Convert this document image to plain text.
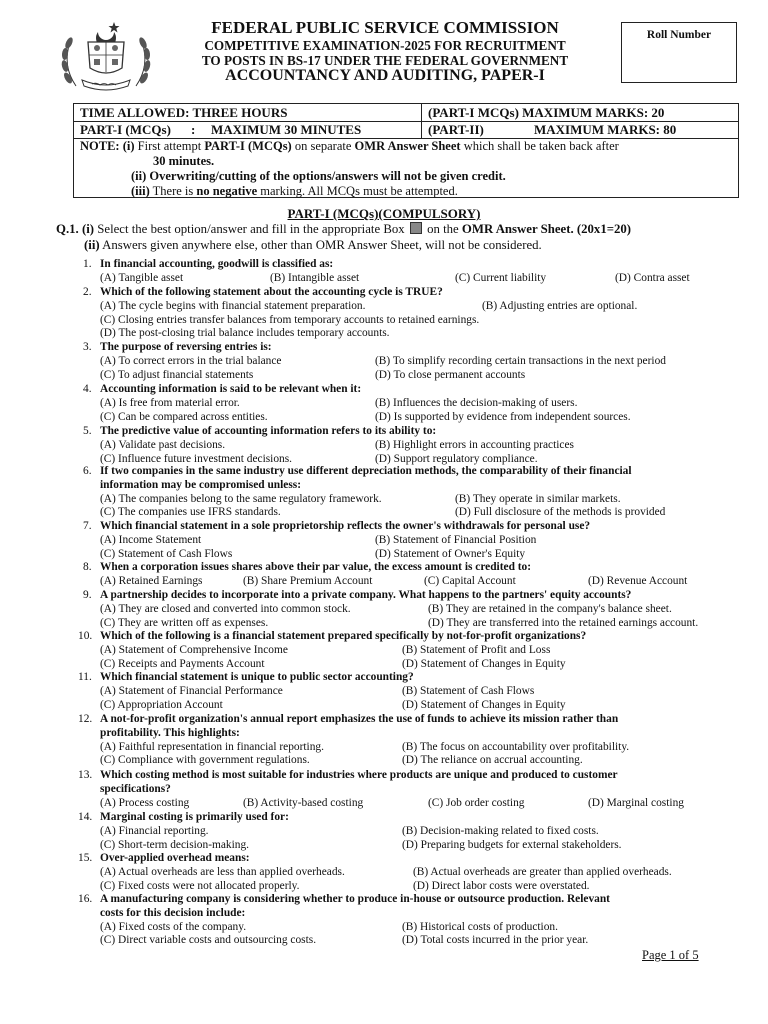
FEDERAL PUBLIC SERVICE COMMISSION
COMPETITIVE EXAMINATION-2025 FOR RECRUITMENT
TO POSTS IN BS-17 UNDER THE FEDERAL GOVERNMENT
ACCOUNTANCY AND AUDITING, PAPER-I
Roll Number
TIME ALLOWED: THREE HOURS	(PART-I MCQs) MAXIMUM MARKS: 20
PART-I (MCQs) : MAXIMUM 30 MINUTES	(PART-II)	MAXIMUM MARKS: 80
NOTE: (i) First attempt PART-I (MCQs) on separate OMR Answer Sheet which shall be taken back after
30 minutes.
(ii) Overwriting/cutting of the options/answers will not be given credit.
(iii) There is no negative marking. All MCQs must be attempted.
PART-I (MCQs)(COMPULSORY)
Q.1. (i) Select the best option/answer and fill in the appropriate Box on the OMR Answer Sheet. (20x1=20)
(ii) Answers given anywhere else, other than OMR Answer Sheet, will not be considered.
1. In financial accounting, goodwill is classified as:
(A) Tangible asset	(B) Intangible asset	(C) Current liability	(D) Contra asset
2. Which of the following statement about the accounting cycle is TRUE?
(A) The cycle begins with financial statement preparation.	(B) Adjusting entries are optional.
(C) Closing entries transfer balances from temporary accounts to retained earnings.
(D) The post-closing trial balance includes temporary accounts.
3. The purpose of reversing entries is:
(A) To correct errors in the trial balance	(B) To simplify recording certain transactions in the next period
(C) To adjust financial statements	(D) To close permanent accounts
4. Accounting information is said to be relevant when it:
(A) Is free from material error.	(B) Influences the decision-making of users.
(C) Can be compared across entities.	(D) Is supported by evidence from independent sources.
5. The predictive value of accounting information refers to its ability to:
(A) Validate past decisions.	(B) Highlight errors in accounting practices
(C) Influence future investment decisions.	(D) Support regulatory compliance.
6. If two companies in the same industry use different depreciation methods, the comparability of their financial
information may be compromised unless:
(A) The companies belong to the same regulatory framework.	(B) They operate in similar markets.
(C) The companies use IFRS standards.	(D) Full disclosure of the methods is provided
7. Which financial statement in a sole proprietorship reflects the owner's withdrawals for personal use?
(A) Income Statement	(B) Statement of Financial Position
(C) Statement of Cash Flows	(D) Statement of Owner's Equity
8. When a corporation issues shares above their par value, the excess amount is credited to:
(A) Retained Earnings	(B) Share Premium Account	(C) Capital Account	(D) Revenue Account
9. A partnership decides to incorporate into a private company. What happens to the partners' equity accounts?
(A) They are closed and converted into common stock.	(B) They are retained in the company's balance sheet.
(C) They are written off as expenses.	(D) They are transferred into the retained earnings account.
10. Which of the following is a financial statement prepared specifically by not-for-profit organizations?
(A) Statement of Comprehensive Income	(B) Statement of Profit and Loss
(C) Receipts and Payments Account	(D) Statement of Changes in Equity
11. Which financial statement is unique to public sector accounting?
(A) Statement of Financial Performance	(B) Statement of Cash Flows
(C) Appropriation Account	(D) Statement of Changes in Equity
12. A not-for-profit organization's annual report emphasizes the use of funds to achieve its mission rather than
profitability. This highlights:
(A) Faithful representation in financial reporting.	(B) The focus on accountability over profitability.
(C) Compliance with government regulations.	(D) The reliance on accrual accounting.
13. Which costing method is most suitable for industries where products are unique and produced to customer
specifications?
(A) Process costing	(B) Activity-based costing	(C) Job order costing	(D) Marginal costing
14. Marginal costing is primarily used for:
(A) Financial reporting.	(B) Decision-making related to fixed costs.
(C) Short-term decision-making.	(D) Preparing budgets for external stakeholders.
15. Over-applied overhead means:
(A) Actual overheads are less than applied overheads.	(B) Actual overheads are greater than applied overheads.
(C) Fixed costs were not allocated properly.	(D) Direct labor costs were overstated.
16. A manufacturing company is considering whether to produce in-house or outsource production. Relevant
costs for this decision include:
(A) Fixed costs of the company.	(B) Historical costs of production.
(C) Direct variable costs and outsourcing costs.	(D) Total costs incurred in the prior year.
Page 1 of 5
